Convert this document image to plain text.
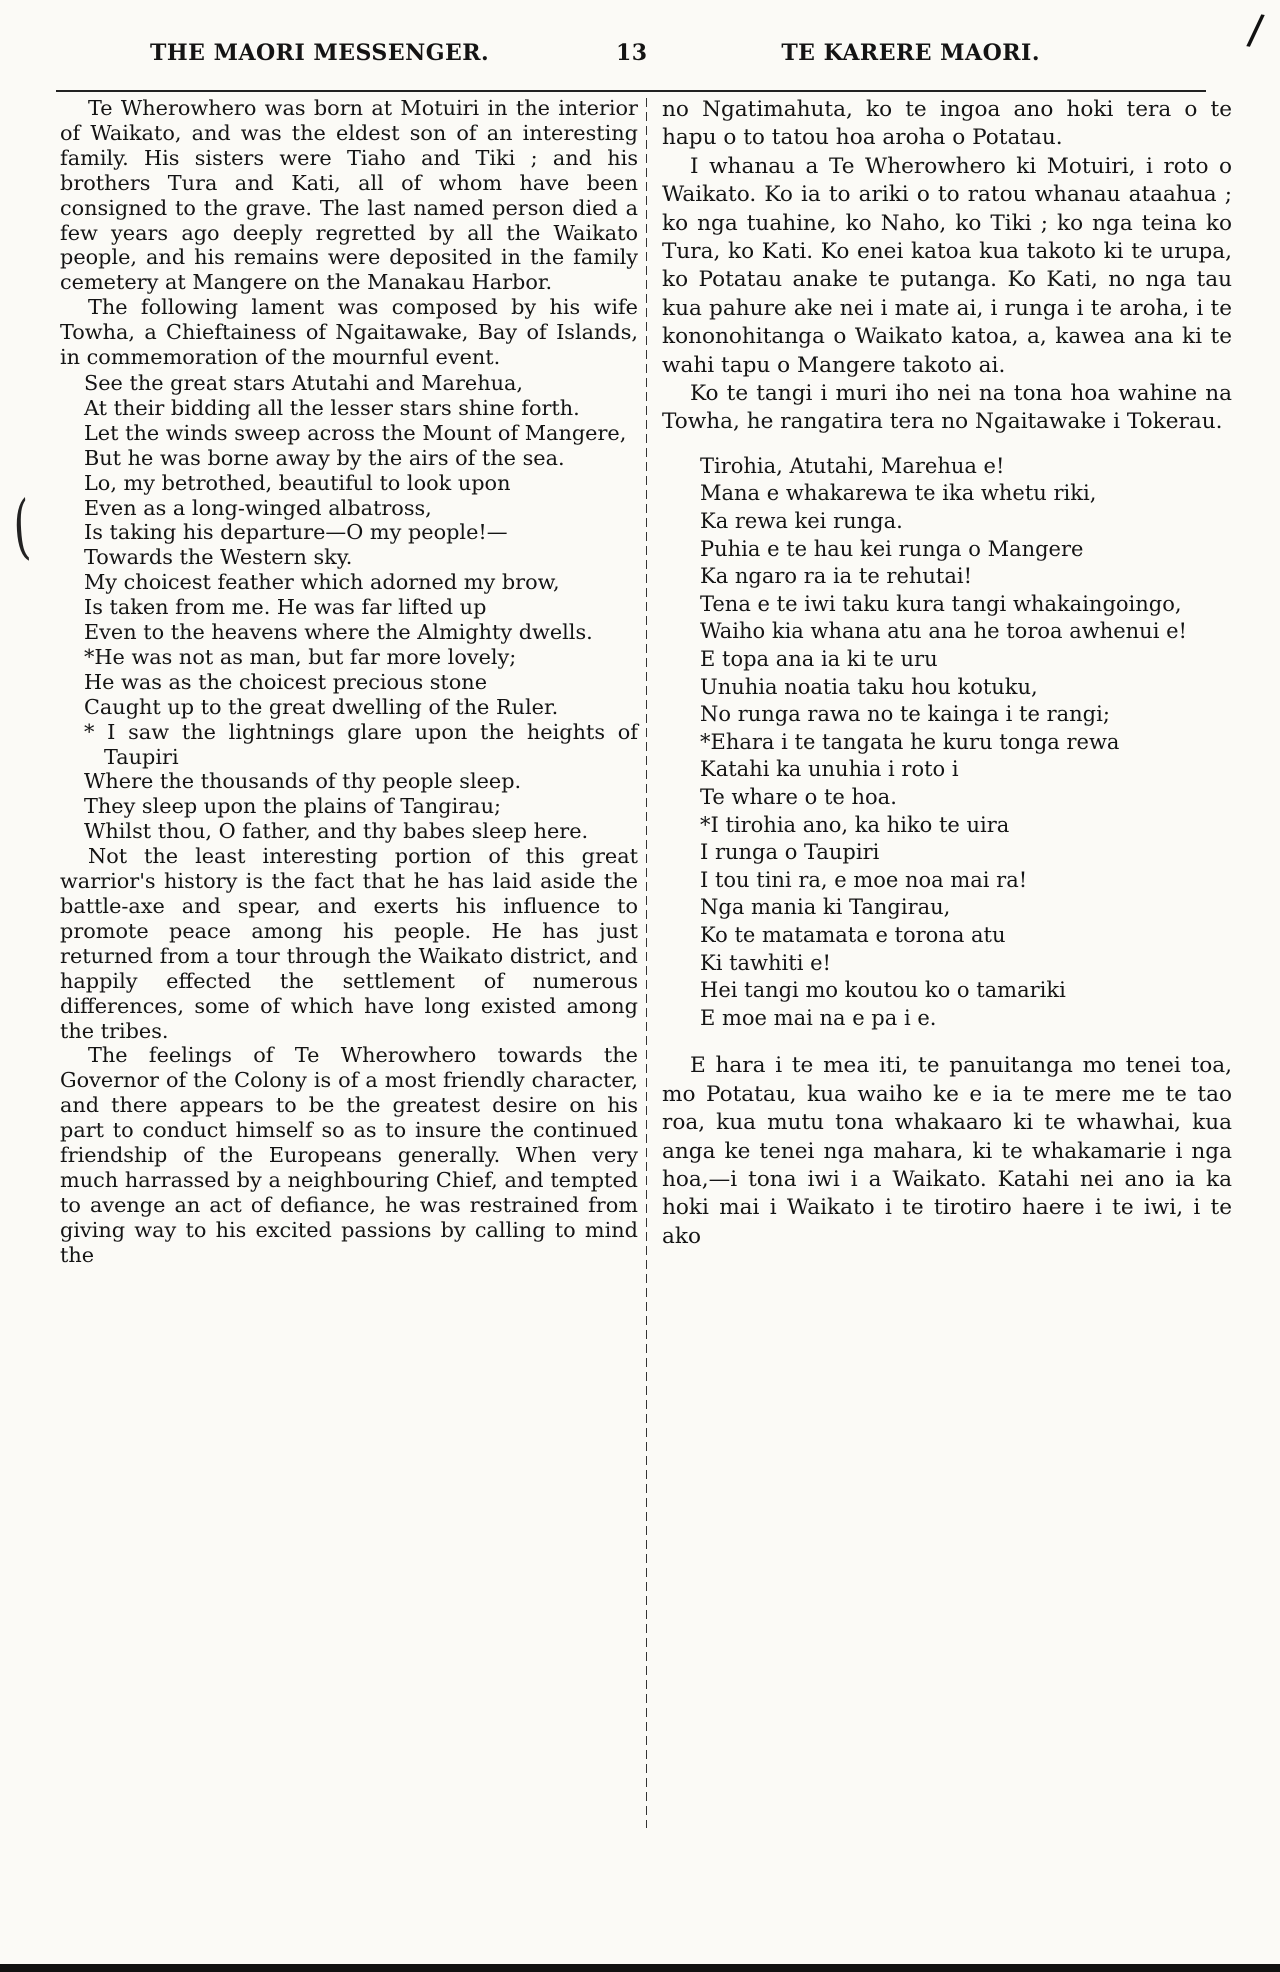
THE MAORI MESSENGER.	13	TE KARERE MAORI.	/
(

Te Wherowhero was born at Motuiri in the interior of Waikato, and was the eldest son of an interesting family. His sisters were Tiaho and Tiki ; and his brothers Tura and Kati, all of whom have been consigned to the grave. The last named person died a few years ago deeply regretted by all the Waikato people, and his remains were deposited in the family cemetery at Mangere on the Manakau Harbor.

The following lament was composed by his wife Towha, a Chieftainess of Ngaitawake, Bay of Islands, in commemoration of the mournful event.

See the great stars Atutahi and Marehua,
At their bidding all the lesser stars shine forth.
Let the winds sweep across the Mount of Mangere,
But he was borne away by the airs of the sea.
Lo, my betrothed, beautiful to look upon
Even as a long-winged albatross,
Is taking his departure—O my people!—
Towards the Western sky.
My choicest feather which adorned my brow,
Is taken from me. He was far lifted up
Even to the heavens where the Almighty dwells.
*He was not as man, but far more lovely;
He was as the choicest precious stone
Caught up to the great dwelling of the Ruler.
* I saw the lightnings glare upon the heights of Taupiri
Where the thousands of thy people sleep.
They sleep upon the plains of Tangirau;
Whilst thou, O father, and thy babes sleep here.

Not the least interesting portion of this great warrior's history is the fact that he has laid aside the battle-axe and spear, and exerts his influence to promote peace among his people. He has just returned from a tour through the Waikato district, and happily effected the settlement of numerous differences, some of which have long existed among the tribes.

The feelings of Te Wherowhero towards the Governor of the Colony is of a most friendly character, and there appears to be the greatest desire on his part to conduct himself so as to insure the continued friendship of the Europeans generally. When very much harrassed by a neighbouring Chief, and tempted to avenge an act of defiance, he was restrained from giving way to his excited passions by calling to mind the

no Ngatimahuta, ko te ingoa ano hoki tera o te hapu o to tatou hoa aroha o Potatau.

I whanau a Te Wherowhero ki Motuiri, i roto o Waikato. Ko ia to ariki o to ratou whanau ataahua ; ko nga tuahine, ko Naho, ko Tiki ; ko nga teina ko Tura, ko Kati. Ko enei katoa kua takoto ki te urupa, ko Potatau anake te putanga. Ko Kati, no nga tau kua pahure ake nei i mate ai, i runga i te aroha, i te kononohitanga o Waikato katoa, a, kawea ana ki te wahi tapu o Mangere takoto ai.

Ko te tangi i muri iho nei na tona hoa wahine na Towha, he rangatira tera no Ngaitawake i Tokerau.

Tirohia, Atutahi, Marehua e!
Mana e whakarewa te ika whetu riki,
Ka rewa kei runga.
Puhia e te hau kei runga o Mangere
Ka ngaro ra ia te rehutai!
Tena e te iwi taku kura tangi whakaingoingo,
Waiho kia whana atu ana he toroa awhenui e!
E topa ana ia ki te uru
Unuhia noatia taku hou kotuku,
No runga rawa no te kainga i te rangi;
*Ehara i te tangata he kuru tonga rewa
Katahi ka unuhia i roto i
Te whare o te hoa.
*I tirohia ano, ka hiko te uira
I runga o Taupiri
I tou tini ra, e moe noa mai ra!
Nga mania ki Tangirau,
Ko te matamata e torona atu
Ki tawhiti e!
Hei tangi mo koutou ko o tamariki
E moe mai na e pa i e.

E hara i te mea iti, te panuitanga mo tenei toa, mo Potatau, kua waiho ke e ia te mere me te tao roa, kua mutu tona whakaaro ki te whawhai, kua anga ke tenei nga mahara, ki te whakamarie i nga hoa,—i tona iwi i a Waikato. Katahi nei ano ia ka hoki mai i Waikato i te tirotiro haere i te iwi, i te ako
